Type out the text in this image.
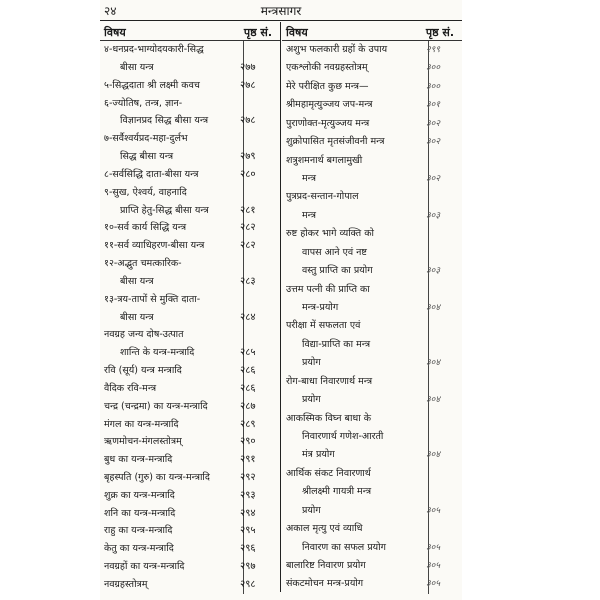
२४	मन्त्रसागर
विषय	पृष्ठ सं.
४-धनप्रद-भाग्योदयकारी-सिद्ध
बीसा यन्त्र	२७७
५-सिद्धदाता श्री लक्ष्मी कवच	२७८
६-ज्योतिष, तन्त्र, ज्ञान-
विज्ञानप्रद सिद्ध बीसा यन्त्र	२७८
७-सर्वैश्वर्यप्रद-महा-दुर्लभ
सिद्ध बीसा यन्त्र	२७९
८-सर्वसिद्धि दाता-बीसा यन्त्र	२८०
९-सुख, ऐश्वर्य, वाहनादि
प्राप्ति हेतु-सिद्ध बीसा यन्त्र	२८१
१०-सर्व कार्य सिद्धि यन्त्र	२८२
११-सर्व व्याधिहरण-बीसा यन्त्र	२८२
१२-अद्भुत चमत्कारिक-
बीसा यन्त्र	२८३
१३-त्रय-तापों से मुक्ति दाता-
बीसा यन्त्र	२८४
नवग्रह जन्य दोष-उत्पात
शान्ति के यन्त्र-मन्त्रादि	२८५
रवि (सूर्य) यन्त्र मन्त्रादि	२८६
वैदिक रवि-मन्त्र	२८६
चन्द्र (चन्द्रमा) का यन्त्र-मन्त्रादि	२८७
मंगल का यन्त्र-मन्त्रादि	२८९
ऋणमोचन-मंगलस्तोत्रम्	२९०
बुध का यन्त्र-मन्त्रादि	२९१
बृहस्पति (गुरु) का यन्त्र-मन्त्रादि	२९२
शुक्र का यन्त्र-मन्त्रादि	२९३
शनि का यन्त्र-मन्त्रादि	२९४
राहु का यन्त्र-मन्त्रादि	२९५
केतु का यन्त्र-मन्त्रादि	२९६
नवग्रहों का यन्त्र-मन्त्रादि	२९७
नवग्रहस्तोत्रम्	२९८
विषय	पृष्ठ सं.
अशुभ फलकारी ग्रहों के उपाय	२९९
एकश्लोकी नवग्रहस्तोत्रम्	३००
मेरे परीक्षित कुछ मन्त्र—	३००
श्रीमहामृत्युञ्जय जप-मन्त्र	३०१
पुराणोक्त-मृत्युञ्जय मन्त्र	३०२
शुक्रोपासित मृतसंजीवनी मन्त्र	३०२
शत्रुशमनार्थ बगलामुखी
मन्त्र	३०२
पुत्रप्रद-सन्तान-गोपाल
मन्त्र	३०३
रुष्ट होकर भागे व्यक्ति को
वापस आने एवं नष्ट
वस्तु प्राप्ति का प्रयोग	३०३
उत्तम पत्नी की प्राप्ति का
मन्त्र-प्रयोग	३०४
परीक्षा में सफलता एवं
विद्या-प्राप्ति का मन्त्र
प्रयोग	३०४
रोग-बाधा निवारणार्थ मन्त्र
प्रयोग	३०४
आकस्मिक विघ्न बाधा के
निवारणार्थ गणेश-आरती
मंत्र प्रयोग	३०४
आर्थिक संकट निवारणार्थ
श्रीलक्ष्मी गायत्री मन्त्र
प्रयोग	३०५
अकाल मृत्यु एवं व्याधि
निवारण का सफल प्रयोग	३०५
बालारिष्ट निवारण प्रयोग	३०५
संकटमोचन मन्त्र-प्रयोग	३०५
